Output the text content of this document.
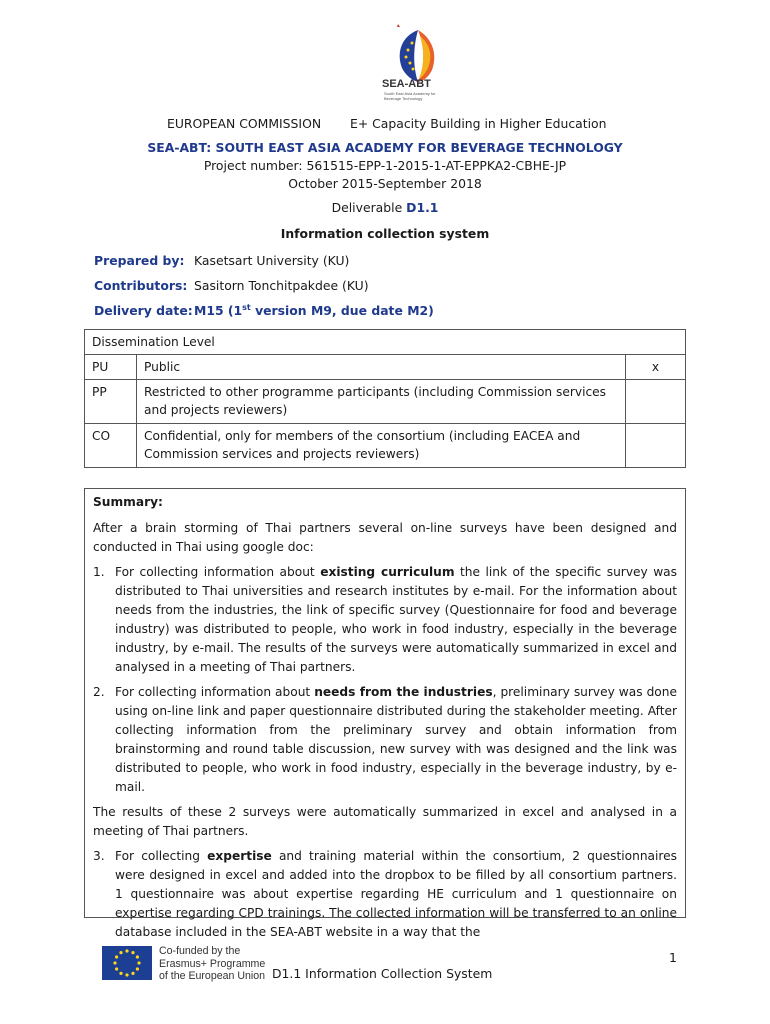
SEA-ABT
South East Asia Academy for
Beverage Technology
EUROPEAN COMMISSION E+ Capacity Building in Higher Education
SEA-ABT: SOUTH EAST ASIA ACADEMY FOR BEVERAGE TECHNOLOGY
Project number: 561515-EPP-1-2015-1-AT-EPPKA2-CBHE-JP
October 2015-September 2018
Deliverable D1.1
Information collection system
Prepared by: Kasetsart University (KU)
Contributors: Sasitorn Tonchitpakdee (KU)
Delivery date: M15 (1st version M9, due date M2)
Dissemination Level		
PU	Public	x
PP	Restricted to other programme participants (including Commission services and projects reviewers)	
CO	Confidential, only for members of the consortium (including EACEA and Commission services and projects reviewers)	

Summary:

After a brain storming of Thai partners several on-line surveys have been designed and conducted in Thai using google doc:

1. For collecting information about existing curriculum the link of the specific survey was distributed to Thai universities and research institutes by e-mail. For the information about needs from the industries, the link of specific survey (Questionnaire for food and beverage industry) was distributed to people, who work in food industry, especially in the beverage industry, by e-mail. The results of the surveys were automatically summarized in excel and analysed in a meeting of Thai partners.
2. For collecting information about needs from the industries, preliminary survey was done using on-line link and paper questionnaire distributed during the stakeholder meeting. After collecting information from the preliminary survey and obtain information from brainstorming and round table discussion, new survey with was designed and the link was distributed to people, who work in food industry, especially in the beverage industry, by e-mail.

The results of these 2 surveys were automatically summarized in excel and analysed in a meeting of Thai partners.

3. For collecting expertise and training material within the consortium, 2 questionnaires were designed in excel and added into the dropbox to be filled by all consortium partners. 1 questionnaire was about expertise regarding HE curriculum and 1 questionnaire on expertise regarding CPD trainings. The collected information will be transferred to an online database included in the SEA-ABT website in a way that the
Co-funded by the
Erasmus+ Programme
of the European Union
1
D1.1 Information Collection System
